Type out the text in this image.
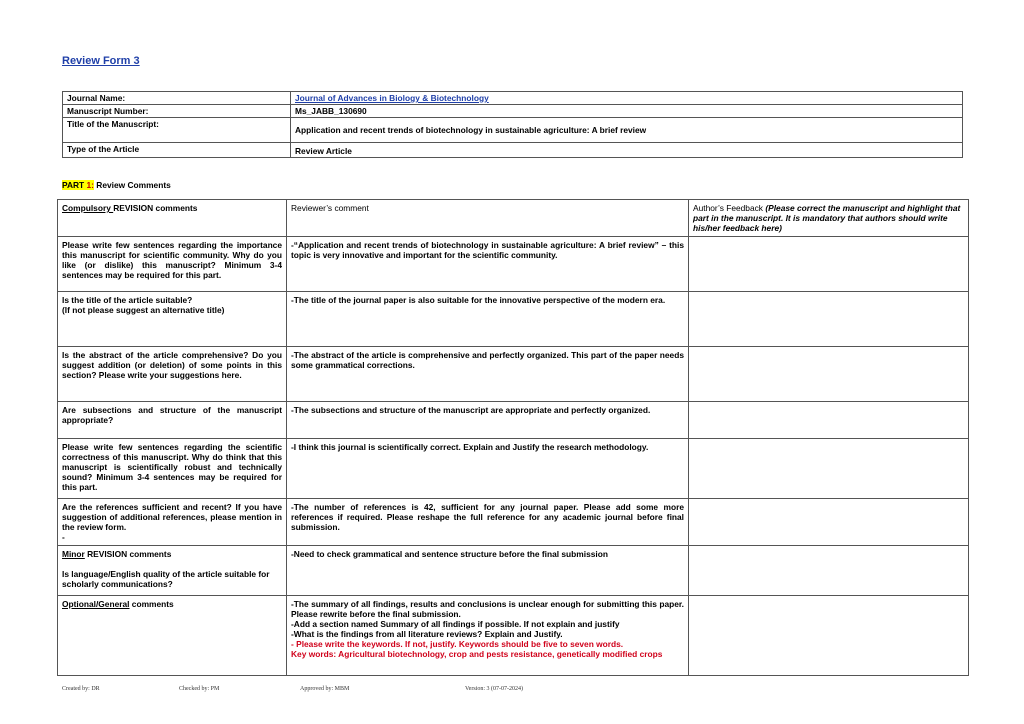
Review Form 3
Journal Name:	Journal of Advances in Biology & Biotechnology
Manuscript Number:	Ms_JABB_130690
Title of the Manuscript:	Application and recent trends of biotechnology in sustainable agriculture: A brief review
Type of the Article	Review Article
PART 1: Review Comments
Compulsory REVISION comments	Reviewer’s comment	Author’s Feedback (Please correct the manuscript and highlight that part in the manuscript. It is mandatory that authors should write his/her feedback here)
Please write few sentences regarding the importance this manuscript for scientific community. Why do you like (or dislike) this manuscript? Minimum 3-4 sentences may be required for this part.	-“Application and recent trends of biotechnology in sustainable agriculture: A brief review” – this topic is very innovative and important for the scientific community.	
Is the title of the article suitable?
(If not please suggest an alternative title)	-The title of the journal paper is also suitable for the innovative perspective of the modern era.	
Is the abstract of the article comprehensive? Do you suggest addition (or deletion) of some points in this section? Please write your suggestions here.	-The abstract of the article is comprehensive and perfectly organized. This part of the paper needs some grammatical corrections.	
Are subsections and structure of the manuscript appropriate?	-The subsections and structure of the manuscript are appropriate and perfectly organized.	
Please write few sentences regarding the scientific correctness of this manuscript. Why do think that this manuscript is scientifically robust and technically sound? Minimum 3-4 sentences may be required for this part.	-I think this journal is scientifically correct. Explain and Justify the research methodology.	
Are the references sufficient and recent? If you have suggestion of additional references, please mention in the review form.
-	-The number of references is 42, sufficient for any journal paper. Please add some more references if required. Please reshape the full reference for any academic journal before final submission.	

Minor REVISION comments
Is language/English quality of the article suitable for scholarly communications?	-Need to check grammatical and sentence structure before the final submission	
Optional/General comments	-The summary of all findings, results and conclusions is unclear enough for submitting this paper. Please rewrite before the final submission.
-Add a section named Summary of all findings if possible. If not explain and justify
-What is the findings from all literature reviews? Explain and Justify.
- Please write the keywords. If not, justify. Keywords should be five to seven words.
Key words: Agricultural biotechnology, crop and pests resistance, genetically modified crops	

Created by: DR	Checked by: PM	Approved by: MBM	Version: 3 (07-07-2024)
